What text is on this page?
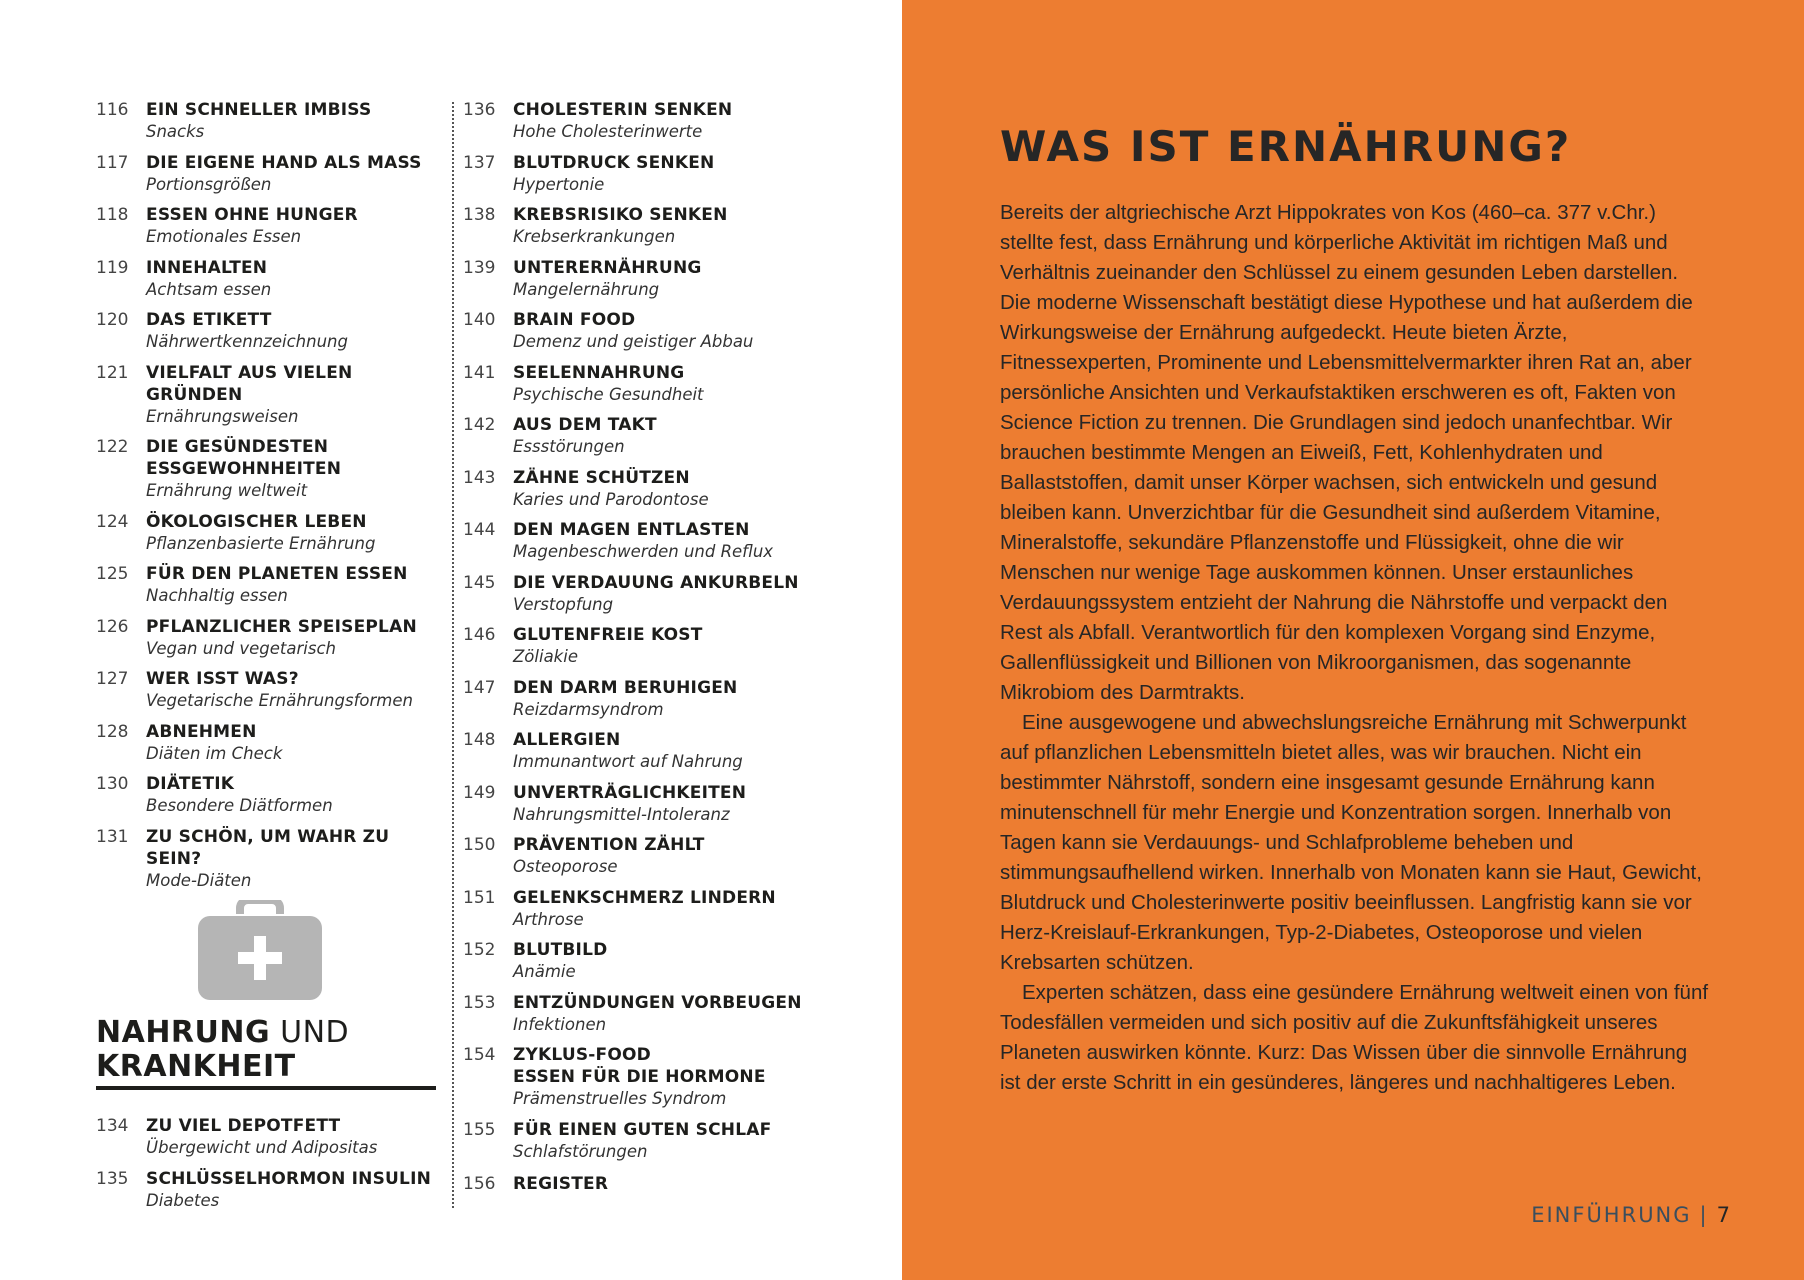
116	EIN SCHNELLER IMBISS
Snacks
117	DIE EIGENE HAND ALS MASS
Portionsgrößen
118	ESSEN OHNE HUNGER
Emotionales Essen
119	INNEHALTEN
Achtsam essen
120	DAS ETIKETT
Nährwertkennzeichnung
121	VIELFALT AUS VIELEN
GRÜNDEN
Ernährungsweisen
122	DIE GESÜNDESTEN
ESSGEWOHNHEITEN
Ernährung weltweit
124	ÖKOLOGISCHER LEBEN
Pflanzenbasierte Ernährung
125	FÜR DEN PLANETEN ESSEN
Nachhaltig essen
126	PFLANZLICHER SPEISEPLAN
Vegan und vegetarisch
127	WER ISST WAS?
Vegetarische Ernährungsformen
128	ABNEHMEN
Diäten im Check
130	DIÄTETIK
Besondere Diätformen
131	ZU SCHÖN, UM WAHR ZU SEIN?
Mode-Diäten
136	CHOLESTERIN SENKEN
Hohe Cholesterinwerte
137	BLUTDRUCK SENKEN
Hypertonie
138	KREBSRISIKO SENKEN
Krebserkrankungen
139	UNTERERNÄHRUNG
Mangelernährung
140	BRAIN FOOD
Demenz und geistiger Abbau
141	SEELENNAHRUNG
Psychische Gesundheit
142	AUS DEM TAKT
Essstörungen
143	ZÄHNE SCHÜTZEN
Karies und Parodontose
144	DEN MAGEN ENTLASTEN
Magenbeschwerden und Reflux
145	DIE VERDAUUNG ANKURBELN
Verstopfung
146	GLUTENFREIE KOST
Zöliakie
147	DEN DARM BERUHIGEN
Reizdarmsyndrom
148	ALLERGIEN
Immunantwort auf Nahrung
149	UNVERTRÄGLICHKEITEN
Nahrungsmittel-Intoleranz
150	PRÄVENTION ZÄHLT
Osteoporose
151	GELENKSCHMERZ LINDERN
Arthrose
152	BLUTBILD
Anämie
153	ENTZÜNDUNGEN VORBEUGEN
Infektionen
154	ZYKLUS-FOOD
ESSEN FÜR DIE HORMONE
Prämenstruelles Syndrom
155	FÜR EINEN GUTEN SCHLAF
Schlafstörungen
156	REGISTER
NAHRUNG UND
KRANKHEIT
134	ZU VIEL DEPOTFETT
Übergewicht und Adipositas
135	SCHLÜSSELHORMON INSULIN
Diabetes
WAS IST ERNÄHRUNG?

Bereits der altgriechische Arzt Hippokrates von Kos (460–ca. 377 v.Chr.) stellte fest, dass Ernährung und körperliche Aktivität im richtigen Maß und Verhältnis zueinander den Schlüssel zu einem gesunden Leben darstellen. Die moderne Wissenschaft bestätigt diese Hypothese und hat außerdem die Wirkungsweise der Ernährung aufgedeckt. Heute bieten Ärzte, Fitnessexperten, Prominente und Lebensmittelvermarkter ihren Rat an, aber persönliche Ansichten und Verkaufstaktiken erschweren es oft, Fakten von Science Fiction zu trennen. Die Grundlagen sind jedoch unanfechtbar. Wir brauchen bestimmte Mengen an Eiweiß, Fett, Kohlenhydraten und Ballaststoffen, damit unser Körper wachsen, sich entwickeln und gesund bleiben kann. Unverzichtbar für die Gesundheit sind außerdem Vitamine, Mineralstoffe, sekundäre Pflanzenstoffe und Flüssigkeit, ohne die wir Menschen nur wenige Tage auskommen können. Unser erstaunliches Verdauungssystem entzieht der Nahrung die Nährstoffe und verpackt den Rest als Abfall. Verantwortlich für den komplexen Vorgang sind Enzyme, Gallenflüssigkeit und Billionen von Mikroorganismen, das sogenannte Mikrobiom des Darmtrakts.

Eine ausgewogene und abwechslungsreiche Ernährung mit Schwerpunkt auf pflanzlichen Lebensmitteln bietet alles, was wir brauchen. Nicht ein bestimmter Nährstoff, sondern eine insgesamt gesunde Ernährung kann minutenschnell für mehr Energie und Konzentration sorgen. Innerhalb von Tagen kann sie Verdauungs- und Schlafprobleme beheben und stimmungsaufhellend wirken. Innerhalb von Monaten kann sie Haut, Gewicht, Blutdruck und Cholesterinwerte positiv beeinflussen. Langfristig kann sie vor Herz-Kreislauf-Erkrankungen, Typ-2-Diabetes, Osteoporose und vielen Krebsarten schützen.

Experten schätzen, dass eine gesündere Ernährung weltweit einen von fünf Todesfällen vermeiden und sich positiv auf die Zukunftsfähigkeit unseres Planeten auswirken könnte. Kurz: Das Wissen über die sinnvolle Ernährung ist der erste Schritt in ein gesünderes, längeres und nachhaltigeres Leben.

EINFÜHRUNG | 7
